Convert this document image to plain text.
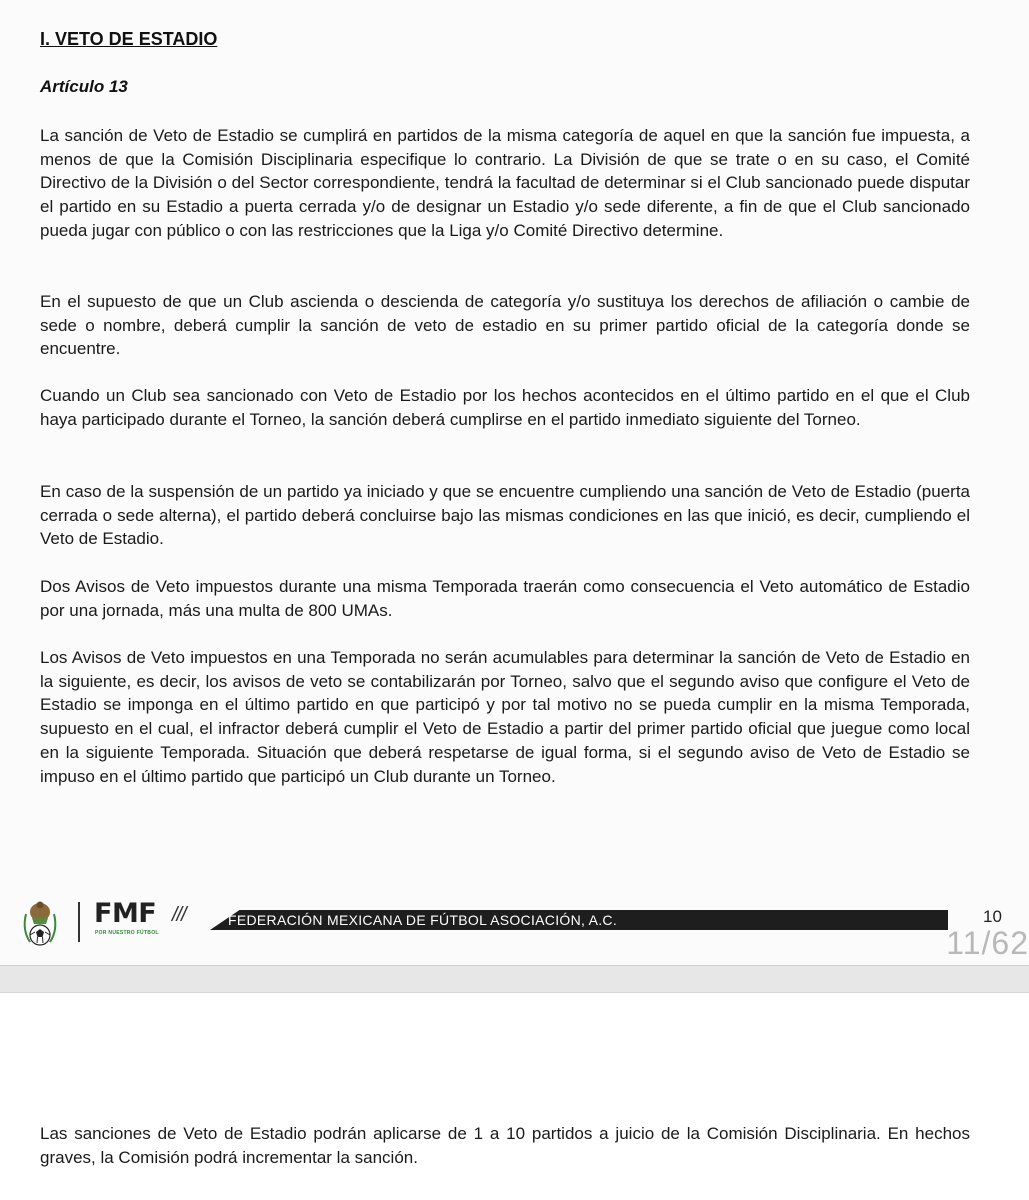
I. VETO DE ESTADIO
Artículo 13

La sanción de Veto de Estadio se cumplirá en partidos de la misma categoría de aquel en que la sanción fue impuesta, a menos de que la Comisión Disciplinaria especifique lo contrario. La División de que se trate o en su caso, el Comité Directivo de la División o del Sector correspondiente, tendrá la facultad de determinar si el Club sancionado puede disputar el partido en su Estadio a puerta cerrada y/o de designar un Estadio y/o sede diferente, a fin de que el Club sancionado pueda jugar con público o con las restricciones que la Liga y/o Comité Directivo determine.

En el supuesto de que un Club ascienda o descienda de categoría y/o sustituya los derechos de afiliación o cambie de sede o nombre, deberá cumplir la sanción de veto de estadio en su primer partido oficial de la categoría donde se encuentre.

Cuando un Club sea sancionado con Veto de Estadio por los hechos acontecidos en el último partido en el que el Club haya participado durante el Torneo, la sanción deberá cumplirse en el partido inmediato siguiente del Torneo.

En caso de la suspensión de un partido ya iniciado y que se encuentre cumpliendo una sanción de Veto de Estadio (puerta cerrada o sede alterna), el partido deberá concluirse bajo las mismas condiciones en las que inició, es decir, cumpliendo el Veto de Estadio.

Dos Avisos de Veto impuestos durante una misma Temporada traerán como consecuencia el Veto automático de Estadio por una jornada, más una multa de 800 UMAs.

Los Avisos de Veto impuestos en una Temporada no serán acumulables para determinar la sanción de Veto de Estadio en la siguiente, es decir, los avisos de veto se contabilizarán por Torneo, salvo que el segundo aviso que configure el Veto de Estadio se imponga en el último partido en que participó y por tal motivo no se pueda cumplir en la misma Temporada, supuesto en el cual, el infractor deberá cumplir el Veto de Estadio a partir del primer partido oficial que juegue como local en la siguiente Temporada. Situación que deberá respetarse de igual forma, si el segundo aviso de Veto de Estadio se impuso en el último partido que participó un Club durante un Torneo.

FMF
POR NUESTRO FÚTBOL
///	FEDERACIÓN MEXICANA DE FÚTBOL ASOCIACIÓN, A.C.	10
11/62

Las sanciones de Veto de Estadio podrán aplicarse de 1 a 10 partidos a juicio de la Comisión Disciplinaria. En hechos graves, la Comisión podrá incrementar la sanción.
